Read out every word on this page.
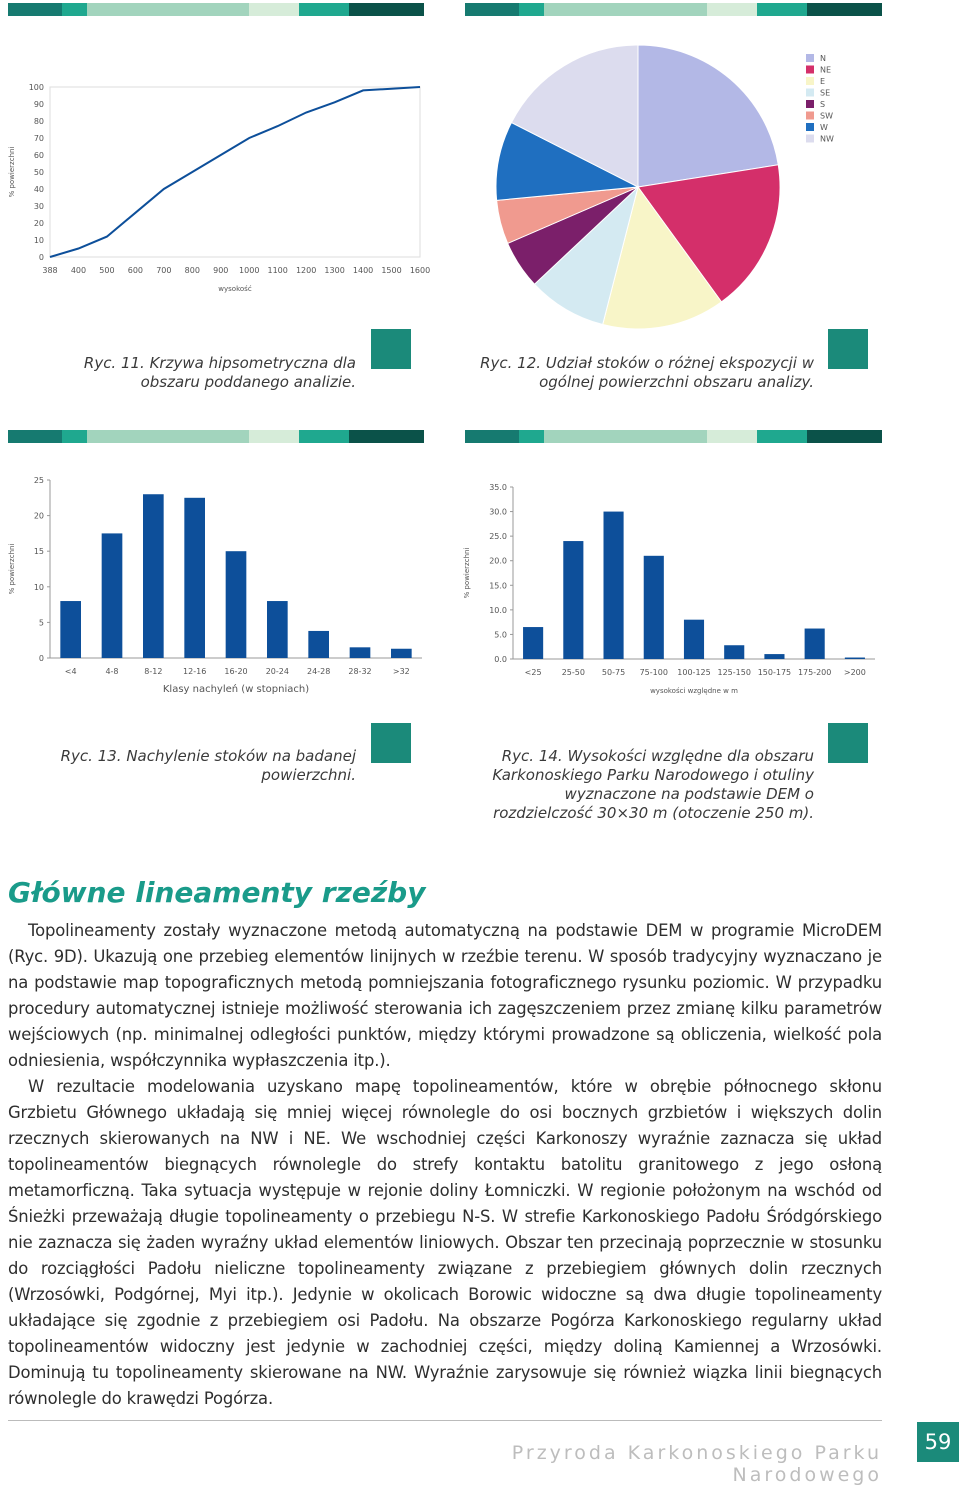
0
10
20
30
40
50
60
70
80
90
100
388 400 500 600 700 800 900 1000 1100 1200 1300 1400 1500 1600
wysokość
% powierzchni
Ryc. 11. Krzywa hipsometryczna dla obszaru poddanego analizie.
N
NE
E
SE
S
SW
W
NW
Ryc. 12. Udział stoków o różnej ekspozycji w ogólnej powierzchni obszaru analizy.
0
5
10
15
20
25
<4	4-8	8-12	12-16 16-20 20-24 24-28 28-32	>32
Klasy nachyleń (w stopniach)
% powierzchni
Ryc. 13. Nachylenie stoków na badanej powierzchni.
0.0
5.0
10.0
15.0
20.0
25.0
30.0
35.0
<25	25-50 50-75 75-100 100-125 125-150 150-175 175-200 >200
wysokości względne w m
% powierzchni
Ryc. 14. Wysokości względne dla obszaru Karkonoskiego Parku Narodowego i otuliny wyznaczone na podstawie DEM o rozdzielczość 30×30 m (otoczenie 250 m).
Główne lineamenty rzeźby

Topolineamenty zostały wyznaczone metodą automatyczną na podstawie DEM w programie MicroDEM (Ryc. 9D). Ukazują one przebieg elementów linijnych w rzeźbie terenu. W sposób tradycyjny wyznaczano je na podstawie map topograficznych metodą pomniejszania fotograficznego rysunku poziomic. W przypadku procedury automatycznej istnieje możliwość sterowania ich zagęszczeniem przez zmianę kilku parametrów wejściowych (np. minimalnej odległości punktów, między którymi prowadzone są obliczenia, wielkość pola odniesienia, współczynnika wypłaszczenia itp.).

W rezultacie modelowania uzyskano mapę topolineamentów, które w obrębie północnego skłonu Grzbietu Głównego układają się mniej więcej równolegle do osi bocznych grzbietów i większych dolin rzecznych skierowanych na NW i NE. We wschodniej części Karkonoszy wyraźnie zaznacza się układ topolineamentów biegnących równolegle do strefy kontaktu batolitu granitowego z jego osłoną metamorficzną. Taka sytuacja występuje w rejonie doliny Łomniczki. W regionie położonym na wschód od Śnieżki przeważają długie topolineamenty o przebiegu N-S. W strefie Karkonoskiego Padołu Śródgórskiego nie zaznacza się żaden wyraźny układ elementów liniowych. Obszar ten przecinają poprzecznie w stosunku do rozciągłości Padołu nieliczne topolineamenty związane z przebiegiem głównych dolin rzecznych (Wrzosówki, Podgórnej, Myi itp.). Jedynie w okolicach Borowic widoczne są dwa długie topolineamenty układające się zgodnie z przebiegiem osi Padołu. Na obszarze Pogórza Karkonoskiego regularny układ topolineamentów widoczny jest jedynie w zachodniej części, między doliną Kamiennej a Wrzosówki. Dominują tu topolineamenty skierowane na NW. Wyraźnie zarysowuje się również wiązka linii biegnących równolegle do krawędzi Pogórza.

Przyroda Karkonoskiego Parku Narodowego
59
